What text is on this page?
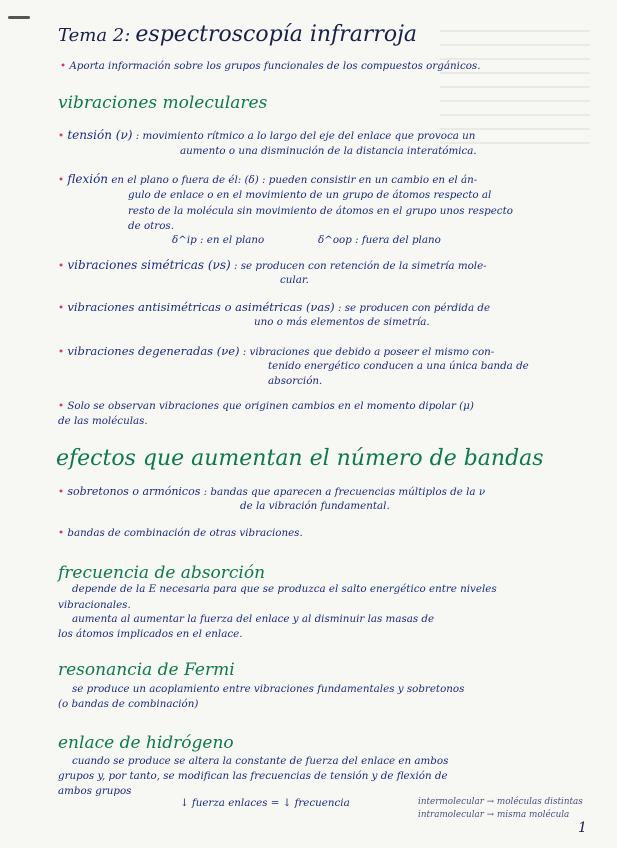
Tema 2: espectroscopía infrarroja
• Aporta información sobre los grupos funcionales de los compuestos orgánicos.
vibraciones moleculares
• tensión (ν) : movimiento rítmico a lo largo del eje del enlace que provoca un
aumento o una disminución de la distancia interatómica.
• flexión en el plano o fuera de él: (δ) : pueden consistir en un cambio en el án-
gulo de enlace o en el movimiento de un grupo de átomos respecto al
resto de la molécula sin movimiento de átomos en el grupo unos respecto
de otros.
δ^ip : en el plano	δ^oop : fuera del plano
• vibraciones simétricas (νs) : se producen con retención de la simetría mole-
cular.
• vibraciones antisimétricas o asimétricas (νas) : se producen con pérdida de
uno o más elementos de simetría.
• vibraciones degeneradas (νe) : vibraciones que debido a poseer el mismo con-
tenido energético conducen a una única banda de
absorción.
• Solo se observan vibraciones que originen cambios en el momento dipolar (μ)
de las moléculas.
efectos que aumentan el número de bandas
• sobretonos o armónicos : bandas que aparecen a frecuencias múltiplos de la ν
de la vibración fundamental.
• bandas de combinación de otras vibraciones.
frecuencia de absorción
depende de la E necesaria para que se produzca el salto energético entre niveles
vibracionales.
aumenta al aumentar la fuerza del enlace y al disminuir las masas de
los átomos implicados en el enlace.
resonancia de Fermi
se produce un acoplamiento entre vibraciones fundamentales y sobretonos
(o bandas de combinación)
enlace de hidrógeno
cuando se produce se altera la constante de fuerza del enlace en ambos
grupos y, por tanto, se modifican las frecuencias de tensión y de flexión de
ambos grupos
↓ fuerza enlaces = ↓ frecuencia	intermolecular → moléculas distintas
intramolecular → misma molécula
1
